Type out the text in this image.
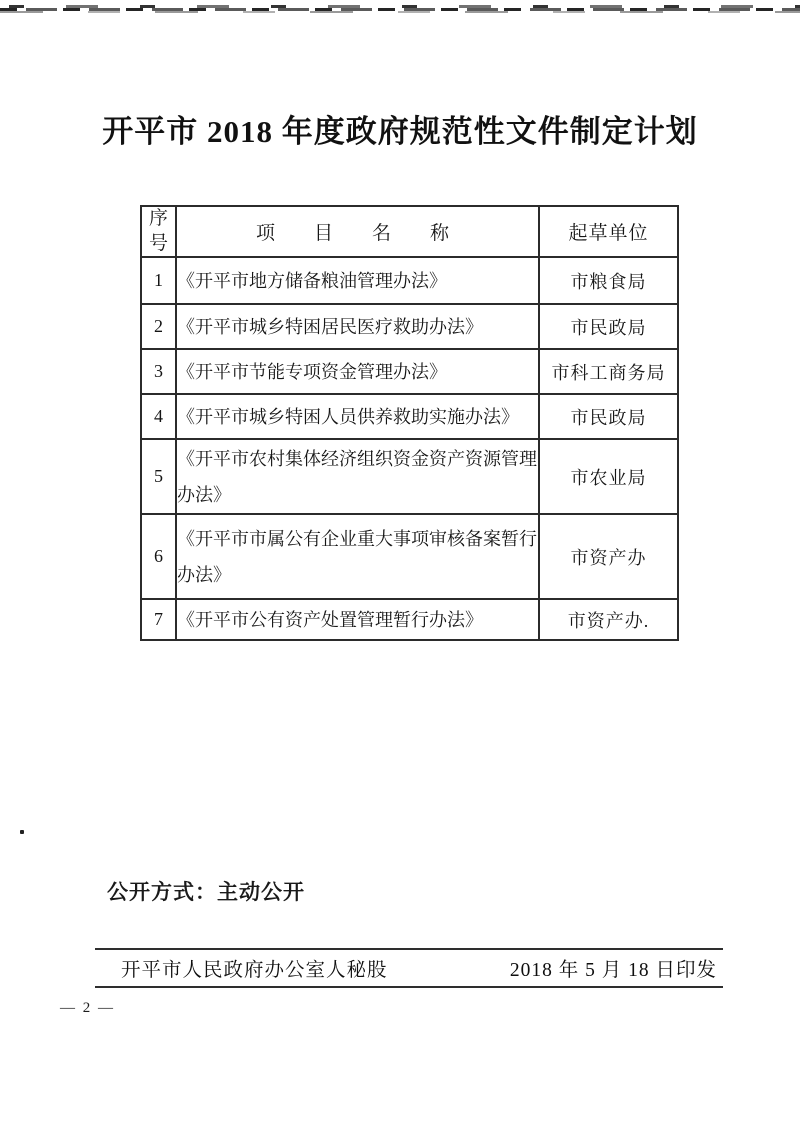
开平市 2018 年度政府规范性文件制定计划
序号	项　目　名　称	起草单位
1	《开平市地方储备粮油管理办法》	市粮食局
2	《开平市城乡特困居民医疗救助办法》	市民政局
3	《开平市节能专项资金管理办法》	市科工商务局
4	《开平市城乡特困人员供养救助实施办法》	市民政局
5	《开平市农村集体经济组织资金资产资源管理办法》	市农业局
6	《开平市市属公有企业重大事项审核备案暂行办法》	市资产办
7	《开平市公有资产处置管理暂行办法》	市资产办.
公开方式：主动公开
开平市人民政府办公室人秘股	2018 年 5 月 18 日印发
— 2 —
